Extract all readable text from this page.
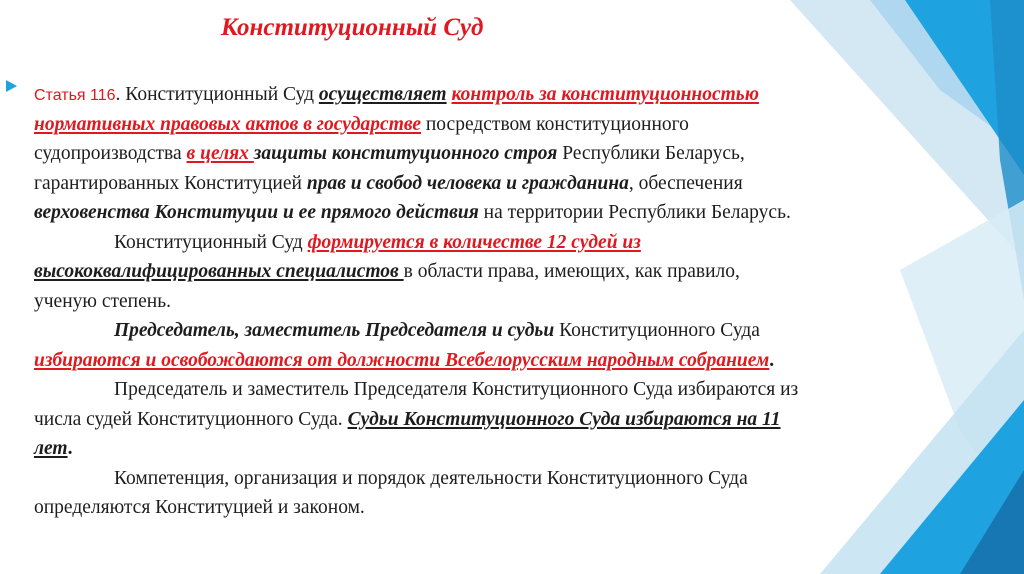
Конституционный Суд
Статья 116. Конституционный Суд осуществляет контроль за конституционностью
нормативных правовых актов в государстве посредством конституционного
судопроизводства в целях защиты конституционного строя Республики Беларусь,
гарантированных Конституцией прав и свобод человека и гражданина, обеспечения
верховенства Конституции и ее прямого действия на территории Республики Беларусь.
Конституционный Суд формируется в количестве 12 судей из
высококвалифицированных специалистов в области права, имеющих, как правило,
ученую степень.
Председатель, заместитель Председателя и судьи Конституционного Суда
избираются и освобождаются от должности Всебелорусским народным собранием.
Председатель и заместитель Председателя Конституционного Суда избираются из
числа судей Конституционного Суда. Судьи Конституционного Суда избираются на 11
лет.
Компетенция, организация и порядок деятельности Конституционного Суда
определяются Конституцией и законом.
